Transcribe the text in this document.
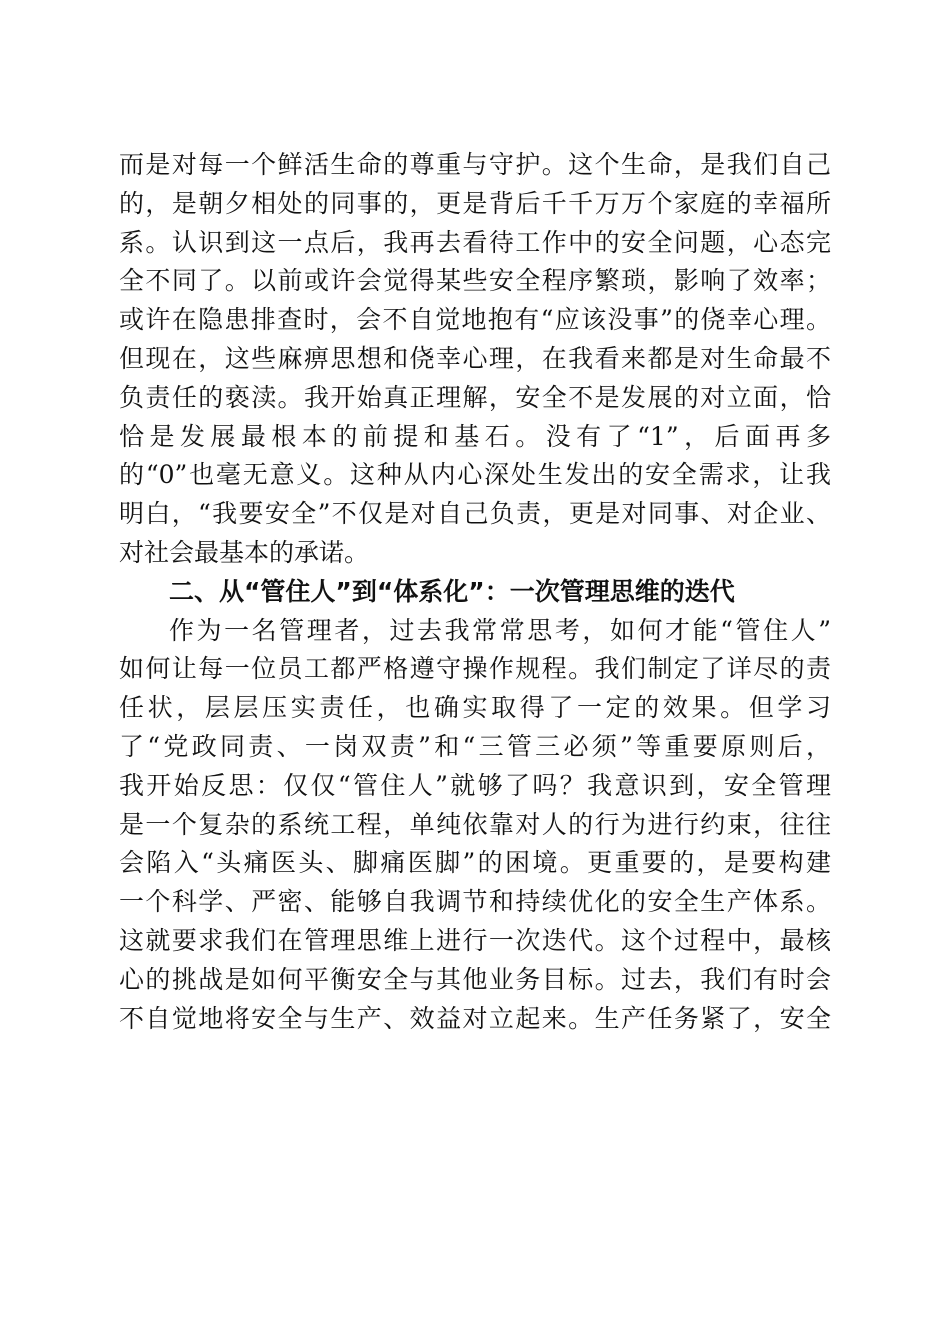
而是对每一个鲜活生命的尊重与守护。这个生命，是我们自己
的，是朝夕相处的同事的，更是背后千千万万个家庭的幸福所
系。认识到这一点后，我再去看待工作中的安全问题，心态完
全不同了。以前或许会觉得某些安全程序繁琐，影响了效率；
或许在隐患排查时，会不自觉地抱有“应该没事”的侥幸心理。
但现在，这些麻痹思想和侥幸心理，在我看来都是对生命最不
负责任的亵渎。我开始真正理解，安全不是发展的对立面，恰
恰是发展最根本的前提和基石。没有了“1”，后面再多
的“0”也毫无意义。这种从内心深处生发出的安全需求，让我
明白，“我要安全”不仅是对自己负责，更是对同事、对企业、
对社会最基本的承诺。
二、从“管住人”到“体系化”：一次管理思维的迭代
作为一名管理者，过去我常常思考，如何才能“管住人”
如何让每一位员工都严格遵守操作规程。我们制定了详尽的责
任状，层层压实责任，也确实取得了一定的效果。但学习
了“党政同责、一岗双责”和“三管三必须”等重要原则后，
我开始反思：仅仅“管住人”就够了吗？我意识到，安全管理
是一个复杂的系统工程，单纯依靠对人的行为进行约束，往往
会陷入“头痛医头、脚痛医脚”的困境。更重要的，是要构建
一个科学、严密、能够自我调节和持续优化的安全生产体系。
这就要求我们在管理思维上进行一次迭代。这个过程中，最核
心的挑战是如何平衡安全与其他业务目标。过去，我们有时会
不自觉地将安全与生产、效益对立起来。生产任务紧了，安全
